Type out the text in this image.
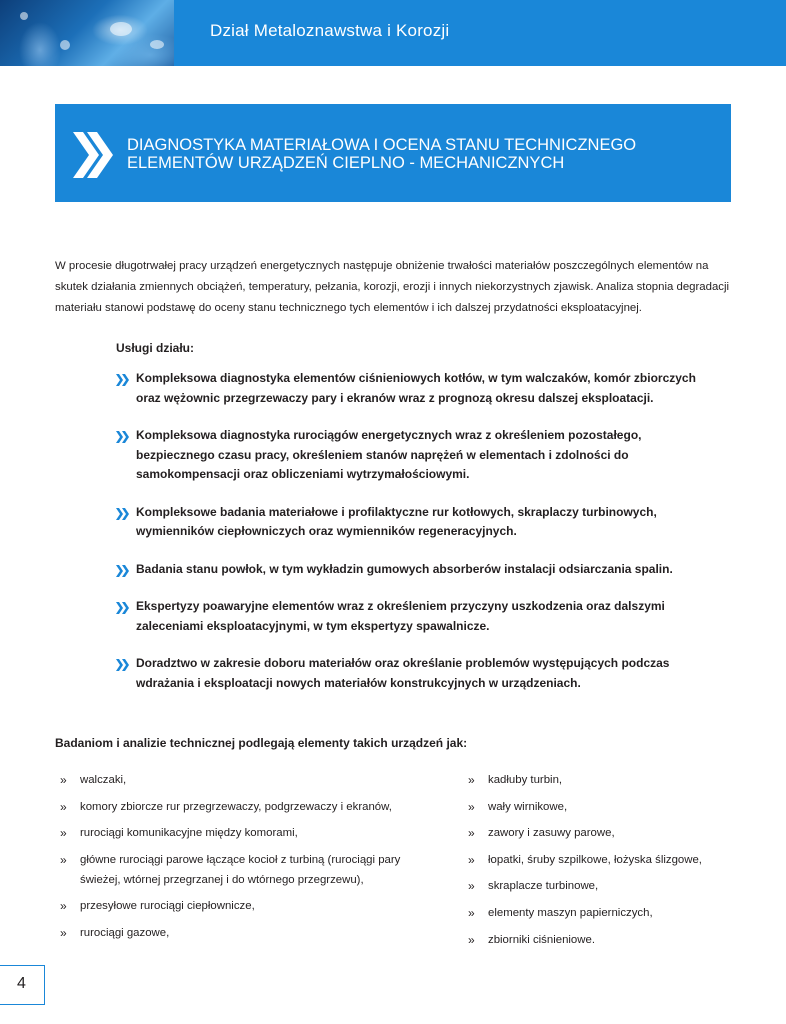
Dział Metaloznawstwa i Korozji
DIAGNOSTYKA MATERIAŁOWA I OCENA STANU TECHNICZNEGO
ELEMENTÓW URZĄDZEŃ CIEPLNO - MECHANICZNYCH

W procesie długotrwałej pracy urządzeń energetycznych następuje obniżenie trwałości materiałów poszczególnych elementów na skutek działania zmiennych obciążeń, temperatury, pełzania, korozji, erozji i innych niekorzystnych zjawisk. Analiza stopnia degradacji materiału stanowi podstawę do oceny stanu technicznego tych elementów i ich dalszej przydatności eksploatacyjnej.

Usługi działu:

Kompleksowa diagnostyka elementów ciśnieniowych kotłów, w tym walczaków, komór zbiorczych oraz wężownic przegrzewaczy pary i ekranów wraz z prognozą okresu dalszej eksploatacji.
Kompleksowa diagnostyka rurociągów energetycznych wraz z określeniem pozostałego, bezpiecznego czasu pracy, określeniem stanów naprężeń w elementach i zdolności do samokompensacji oraz obliczeniami wytrzymałościowymi.
Kompleksowe badania materiałowe i profilaktyczne rur kotłowych, skraplaczy turbinowych, wymienników ciepłowniczych oraz wymienników regeneracyjnych.
Badania stanu powłok, w tym wykładzin gumowych absorberów instalacji odsiarczania spalin.
Ekspertyzy poawaryjne elementów wraz z określeniem przyczyny uszkodzenia oraz dalszymi zaleceniami eksploatacyjnymi, w tym ekspertyzy spawalnicze.
Doradztwo w zakresie doboru materiałów oraz określanie problemów występujących podczas wdrażania i eksploatacji nowych materiałów konstrukcyjnych w urządzeniach.

Badaniom i analizie technicznej podlegają elementy takich urządzeń jak:

» walczaki,
» komory zbiorcze rur przegrzewaczy, podgrzewaczy i ekranów,
» rurociągi komunikacyjne między komorami,
» główne rurociągi parowe łączące kocioł z turbiną (rurociągi pary świeżej, wtórnej przegrzanej i do wtórnego przegrzewu),
» przesyłowe rurociągi ciepłownicze,
» rurociągi gazowe,
» kadłuby turbin,
» wały wirnikowe,
» zawory i zasuwy parowe,
» łopatki, śruby szpilkowe, łożyska ślizgowe,
» skraplacze turbinowe,
» elementy maszyn papierniczych,
» zbiorniki ciśnieniowe.
4
